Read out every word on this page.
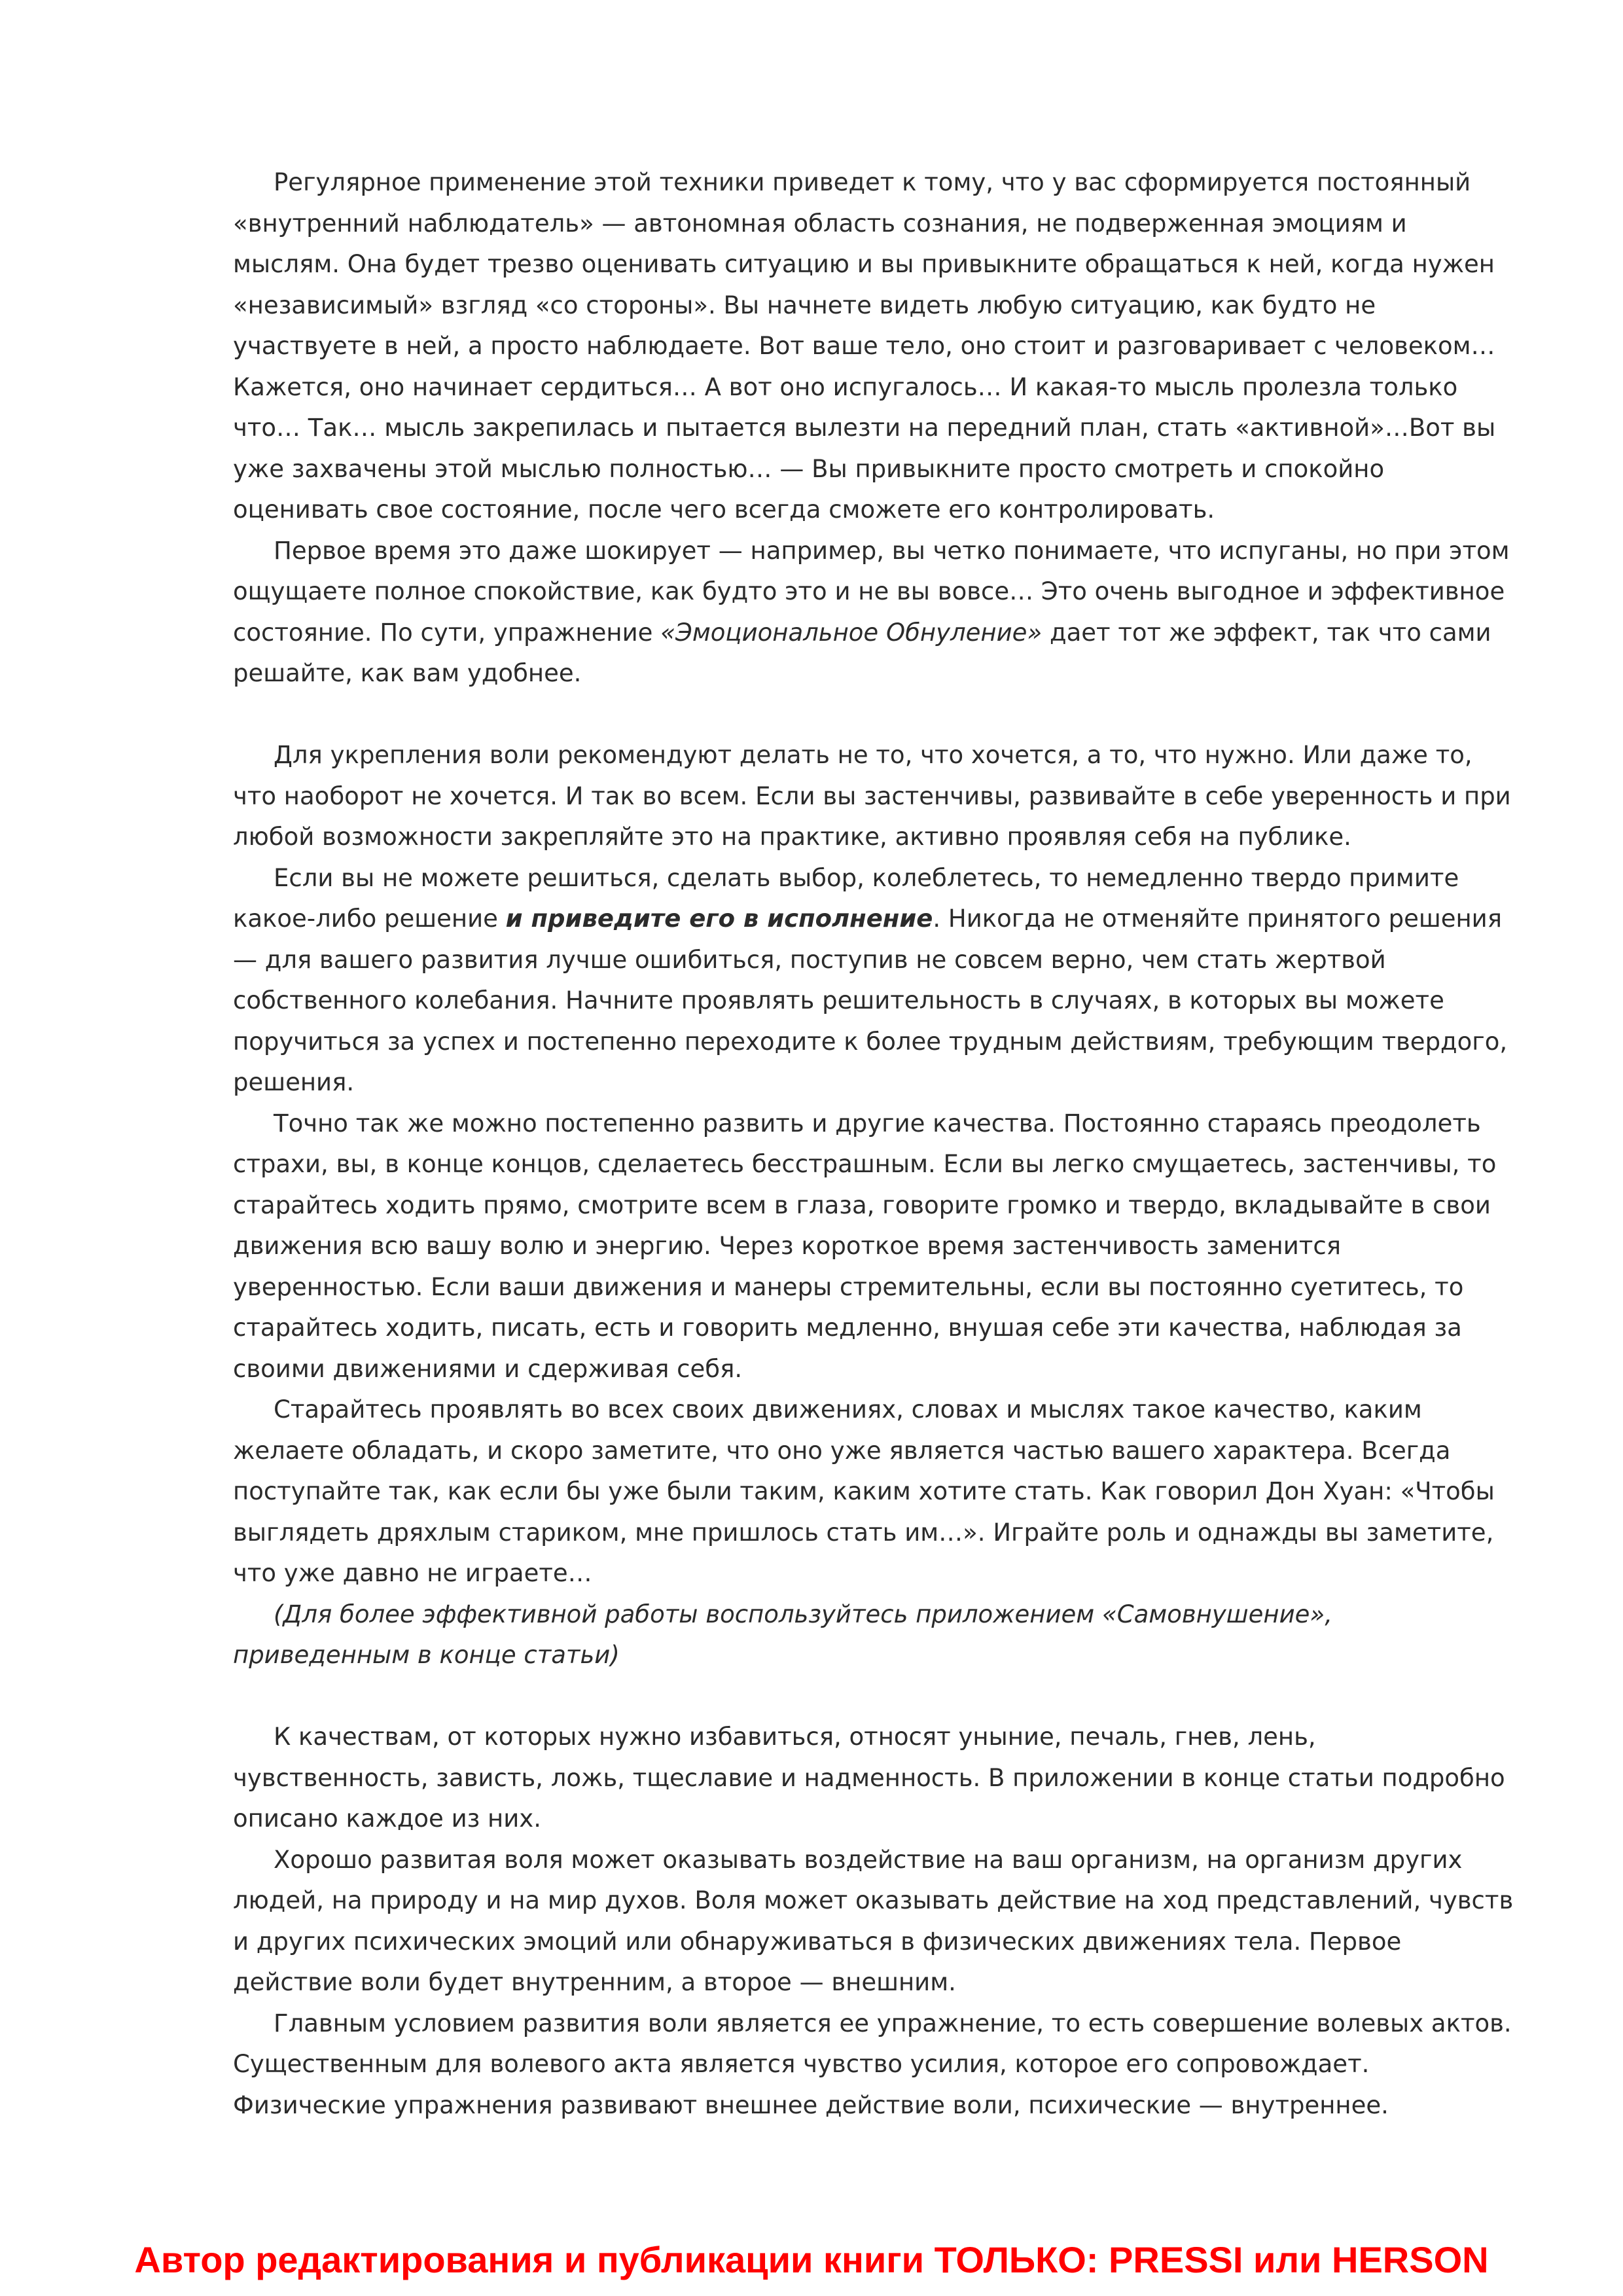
Регулярное применение этой техники приведет к тому, что у вас сформируется постоянный «внутренний наблюдатель» — автономная область сознания, не подверженная эмоциям и мыслям. Она будет трезво оценивать ситуацию и вы привыкните обращаться к ней, когда нужен «независимый» взгляд «со стороны». Вы начнете видеть любую ситуацию, как будто не участвуете в ней, а просто наблюдаете. Вот ваше тело, оно стоит и разговаривает с человеком… Кажется, оно начинает сердиться… А вот оно испугалось… И какая-то мысль пролезла только что… Так… мысль закрепилась и пытается вылезти на передний план, стать «активной»…Вот вы уже захвачены этой мыслью полностью… — Вы привыкните просто смотреть и спокойно оценивать свое состояние, после чего всегда сможете его контролировать.

Первое время это даже шокирует — например, вы четко понимаете, что испуганы, но при этом ощущаете полное спокойствие, как будто это и не вы вовсе… Это очень выгодное и эффективное состояние. По сути, упражнение «Эмоциональное Обнуление» дает тот же эффект, так что сами решайте, как вам удобнее.

Для укрепления воли рекомендуют делать не то, что хочется, а то, что нужно. Или даже то, что наоборот не хочется. И так во всем. Если вы застенчивы, развивайте в себе уверенность и при любой возможности закрепляйте это на практике, активно проявляя себя на публике.

Если вы не можете решиться, сделать выбор, колеблетесь, то немедленно твердо примите какое-либо решение и приведите его в исполнение. Никогда не отменяйте принятого решения — для вашего развития лучше ошибиться, поступив не совсем верно, чем стать жертвой собственного колебания. Начните проявлять решительность в случаях, в которых вы можете поручиться за успех и постепенно переходите к более трудным действиям, требующим твердого, решения.

Точно так же можно постепенно развить и другие качества. Постоянно стараясь преодолеть страхи, вы, в конце концов, сделаетесь бесстрашным. Если вы легко смущаетесь, застенчивы, то старайтесь ходить прямо, смотрите всем в глаза, говорите громко и твердо, вкладывайте в свои движения всю вашу волю и энергию. Через короткое время застенчивость заменится уверенностью. Если ваши движения и манеры стремительны, если вы постоянно суетитесь, то старайтесь ходить, писать, есть и говорить медленно, внушая себе эти качества, наблюдая за своими движениями и сдерживая себя.

Старайтесь проявлять во всех своих движениях, словах и мыслях такое качество, каким желаете обладать, и скоро заметите, что оно уже является частью вашего характера. Всегда поступайте так, как если бы уже были таким, каким хотите стать. Как говорил Дон Хуан: «Чтобы выглядеть дряхлым стариком, мне пришлось стать им…». Играйте роль и однажды вы заметите, что уже давно не играете…

(Для более эффективной работы воспользуйтесь приложением «Самовнушение», приведенным в конце статьи)

К качествам, от которых нужно избавиться, относят уныние, печаль, гнев, лень, чувственность, зависть, ложь, тщеславие и надменность. В приложении в конце статьи подробно описано каждое из них.

Хорошо развитая воля может оказывать воздействие на ваш организм, на организм других людей, на природу и на мир духов. Воля может оказывать действие на ход представлений, чувств и других психических эмоций или обнаруживаться в физических движениях тела. Первое действие воли будет внутренним, а второе — внешним.

Главным условием развития воли является ее упражнение, то есть совершение волевых актов. Существенным для волевого акта является чувство усилия, которое его сопровождает. Физические упражнения развивают внешнее действие воли, психические — внутреннее.

Автор редактирования и публикации книги ТОЛЬКО: PRESSI или HERSON
